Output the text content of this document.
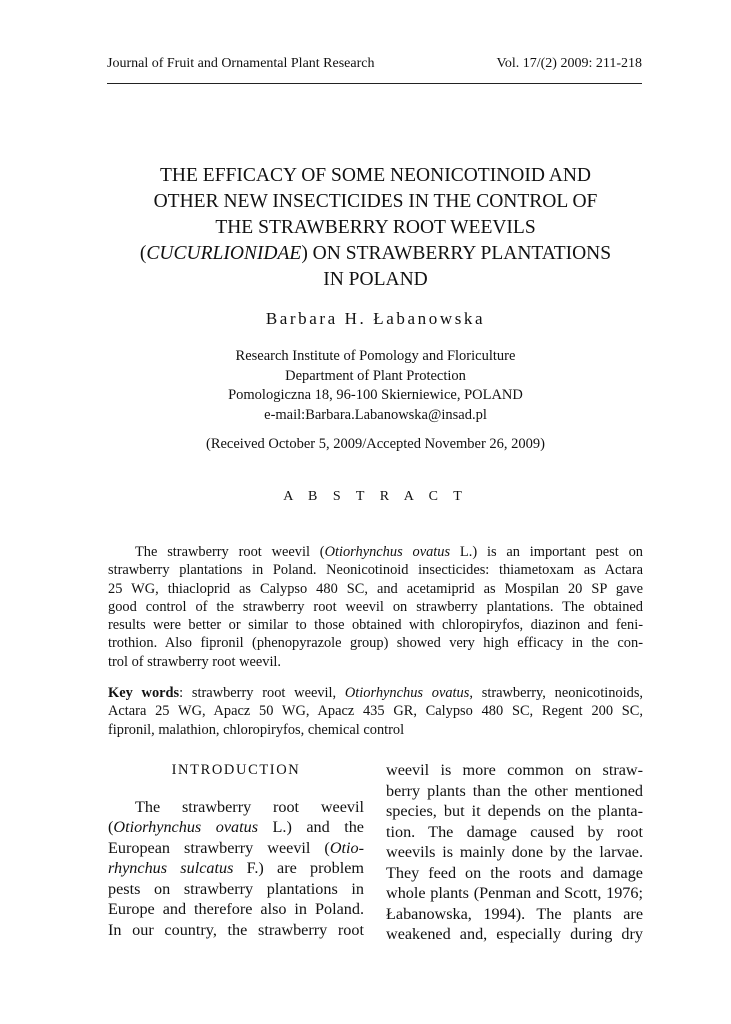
Journal of Fruit and Ornamental Plant Research	Vol. 17/(2) 2009: 211-218
THE EFFICACY OF SOME NEONICOTINOID AND
OTHER NEW INSECTICIDES IN THE CONTROL OF
THE STRAWBERRY ROOT WEEVILS
(CUCURLIONIDAE) ON STRAWBERRY PLANTATIONS
IN POLAND
Barbara H. Łabanowska
Research Institute of Pomology and Floriculture
Department of Plant Protection
Pomologiczna 18, 96-100 Skierniewice, POLAND
e-mail:Barbara.Labanowska@insad.pl
(Received October 5, 2009/Accepted November 26, 2009)
A B S T R A C T
The strawberry root weevil (Otiorhynchus ovatus L.) is an important pest on
strawberry plantations in Poland. Neonicotinoid insecticides: thiametoxam as Actara
25 WG, thiacloprid as Calypso 480 SC, and acetamiprid as Mospilan 20 SP gave
good control of the strawberry root weevil on strawberry plantations. The obtained
results were better or similar to those obtained with chloropiryfos, diazinon and feni-
trothion. Also fipronil (phenopyrazole group) showed very high efficacy in the con-
trol of strawberry root weevil.
Key words: strawberry root weevil, Otiorhynchus ovatus, strawberry, neonicotinoids,
Actara 25 WG, Apacz 50 WG, Apacz 435 GR, Calypso 480 SC, Regent 200 SC,
fipronil, malathion, chloropiryfos, chemical control
INTRODUCTION
The strawberry root weevil
(Otiorhynchus ovatus L.) and the
European strawberry weevil (Otio-
rhynchus sulcatus F.) are problem
pests on strawberry plantations in
Europe and therefore also in Poland.
In our country, the strawberry root
weevil is more common on straw-
berry plants than the other mentioned
species, but it depends on the planta-
tion. The damage caused by root
weevils is mainly done by the larvae.
They feed on the roots and damage
whole plants (Penman and Scott, 1976;
Łabanowska, 1994). The plants are
weakened and, especially during dry
